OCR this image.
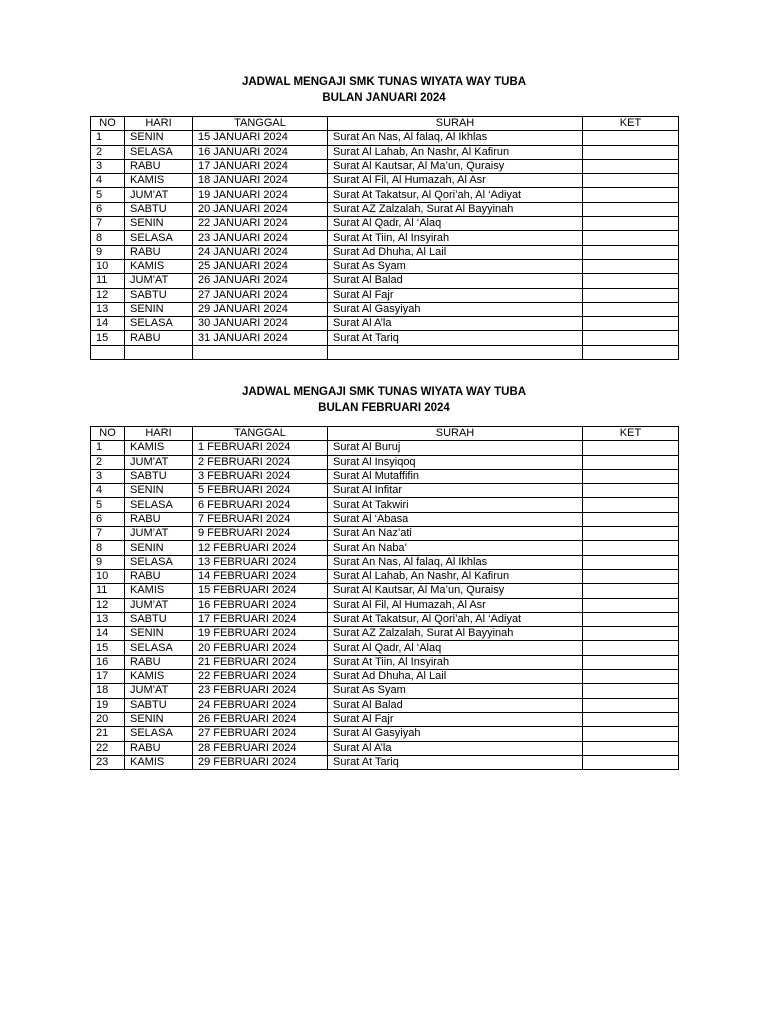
JADWAL MENGAJI SMK TUNAS WIYATA WAY TUBA
BULAN JANUARI 2024
NO	HARI	TANGGAL	SURAH	KET
1	SENIN	15 JANUARI 2024	Surat An Nas, Al falaq, Al Ikhlas	
2	SELASA	16 JANUARI 2024	Surat Al Lahab, An Nashr, Al Kafirun	
3	RABU	17 JANUARI 2024	Surat Al Kautsar, Al Ma’un, Quraisy	
4	KAMIS	18 JANUARI 2024	Surat Al Fil, Al Humazah, Al Asr	
5	JUM’AT	19 JANUARI 2024	Surat At Takatsur, Al Qori’ah, Al ‘Adiyat	
6	SABTU	20 JANUARI 2024	Surat AZ Zalzalah, Surat Al Bayyinah	
7	SENIN	22 JANUARI 2024	Surat Al Qadr, Al ‘Alaq	
8	SELASA	23 JANUARI 2024	Surat At Tiin, Al Insyirah	
9	RABU	24 JANUARI 2024	Surat Ad Dhuha, Al Lail	
10	KAMIS	25 JANUARI 2024	Surat As Syam	
11	JUM’AT	26 JANUARI 2024	Surat Al Balad	
12	SABTU	27 JANUARI 2024	Surat Al Fajr	
13	SENIN	29 JANUARI 2024	Surat Al Gasyiyah	
14	SELASA	30 JANUARI 2024	Surat Al A’la	
15	RABU	31 JANUARI 2024	Surat At Tariq	

JADWAL MENGAJI SMK TUNAS WIYATA WAY TUBA
BULAN FEBRUARI 2024
NO	HARI	TANGGAL	SURAH	KET
1	KAMIS	1 FEBRUARI 2024	Surat Al Buruj	
2	JUM’AT	2 FEBRUARI 2024	Surat Al Insyiqoq	
3	SABTU	3 FEBRUARI 2024	Surat Al Mutaffifin	
4	SENIN	5 FEBRUARI 2024	Surat Al Infitar	
5	SELASA	6 FEBRUARI 2024	Surat At Takwiri	
6	RABU	7 FEBRUARI 2024	Surat Al ‘Abasa	
7	JUM’AT	9 FEBRUARI 2024	Surat An Naz’ati	
8	SENIN	12 FEBRUARI 2024	Surat An Naba’	
9	SELASA	13 FEBRUARI 2024	Surat An Nas, Al falaq, Al Ikhlas	
10	RABU	14 FEBRUARI 2024	Surat Al Lahab, An Nashr, Al Kafirun	
11	KAMIS	15 FEBRUARI 2024	Surat Al Kautsar, Al Ma’un, Quraisy	
12	JUM’AT	16 FEBRUARI 2024	Surat Al Fil, Al Humazah, Al Asr	
13	SABTU	17 FEBRUARI 2024	Surat At Takatsur, Al Qori’ah, Al ‘Adiyat	
14	SENIN	19 FEBRUARI 2024	Surat AZ Zalzalah, Surat Al Bayyinah	
15	SELASA	20 FEBRUARI 2024	Surat Al Qadr, Al ‘Alaq	
16	RABU	21 FEBRUARI 2024	Surat At Tiin, Al Insyirah	
17	KAMIS	22 FEBRUARI 2024	Surat Ad Dhuha, Al Lail	
18	JUM’AT	23 FEBRUARI 2024	Surat As Syam	
19	SABTU	24 FEBRUARI 2024	Surat Al Balad	
20	SENIN	26 FEBRUARI 2024	Surat Al Fajr	
21	SELASA	27 FEBRUARI 2024	Surat Al Gasyiyah	
22	RABU	28 FEBRUARI 2024	Surat Al A’la	
23	KAMIS	29 FEBRUARI 2024	Surat At Tariq	
